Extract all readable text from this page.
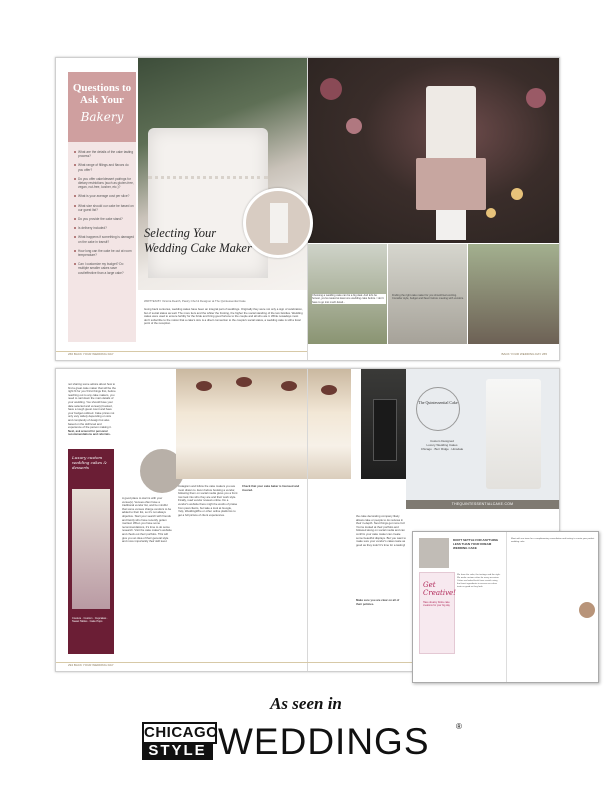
Questions to Ask Your
Bakery
What are the details of the cake tasting process?
What range of fillings and flavors do you offer?
Do you offer cake/dessert pairings for dietary restrictions (such as gluten-free, vegan, nut-free, kosher, etc.)?
What is your average cost per slice?
What size should our cake be based on our guest list?
Do you provide the cake stand?
Is delivery included?
What happens if something is damaged on the cake in transit?
How long can the cake be out at room temperature?
Can I customize my budget? Do multiple smaller cakes save cost/effective than a large cake?
Selecting Your
Wedding Cake Maker
WRITTEN BY Victoria Dearth, Pastry Chef & Designer at The Quintessential Cake
Going back centuries, wedding cakes have been an integral part of weddings. Originally they were not only a sign of celebration, but of social status as well. The more tiers and the whiter the frosting, the higher the social standing of the two families. Wedding cakes were used to ensure fertility for the bride and bring good fortune to the couple and all who ate it. While nowadays most don't subscribe to the notion that a cake's size is a direct connection to the couple's social status, a wedding cake is still a focal point of the reception.
266 BACK YOUR WEDDING DAY
Choosing a wedding cake can be a big deal. And let's be honest, you've tasted at least one wedding cake before. I don't have to go into much detail...
Finding the right cake maker for you should feel exciting. Consider style, budget and flavor before meeting with vendors.
BACK YOUR WEDDING DAY 265
not sharing some advice about how to find a great cake maker that will be the right fit for you! First things first, before reaching out to any cake makers, you need to nail down the main details of your wedding. You should have your date selected and venue(s) booked, have a rough guest count and have your budget outlined. Cake prices not only vary widely depending on size and complexity of design but also based on the skill level and experience of the person making it. Next, ask around for personal recommendations and referrals.
Luxury custom wedding cakes & desserts
Couture · Custom · Cupcakes · Sweet Tables · Cake Pops
A good place to start is with your venue(s). Venues often have a traditional vendor list, and be mindful that some venues charge vendors to be added to their list, so it's not always objective. Start your search with friends and family who have recently gotten married. When you have some recommendations, it's time to do some research. Visit the cake maker's website and check out their portfolio. This will give you an idea of their general style and more importantly their skill level.
Instagram and follow the cake makers you are most drawn to. Even before booking a vendor, following them on social media gives you a front row look into who they are and their work style. Finally, read vendor reviews online. Do a vendor's website there might be words of praise from past clients, but take a look at Google, Yelp, WeddingWire or other online platforms to get a full picture of client experiences.
Check that your cake baker is licensed and insured.
The Quintessential Cake
Custom Designed
Luxury Wedding Cakes
Chicago · Burr Ridge · Hinsdale
THEQUINTESSENTIALCAKE.COM
the cake decorating company likely allows cake or people to do reviews in their in-depth. Next things get more fun! You've looked at their portfolio and followed along on social media and can confirm your cake maker can create some beautiful displays. But you want to make sure your vendor's cakes taste as good as they look! It's time for a tasting!
Make sure you are clear on all of their policies.
294 BACK YOUR WEDDING DAY
DON'T SETTLE FOR ANYTHING LESS THAN YOUR DREAM WEDDING CAKE
Get Creative!
Have dreamy Dolce cake creations for your big day
We have the cake, the tastings and the style. We make custom cakes for every occasion. Cakes are baked fresh from scratch using the finest ingredients to ensure our cakes taste as good as they look.
Meet with our team for a complimentary consultation and tasting to create your perfect wedding cake.
As seen in
CHICAGO
STYLE WEDDINGS	®
